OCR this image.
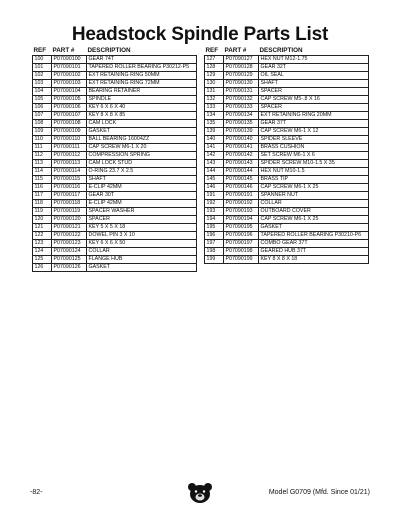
Headstock Spindle Parts List
REF	PART #	DESCRIPTION
100	P07090100	GEAR 74T
101	P07090101	TAPERED ROLLER BEARING P30212-P5
102	P07090102	EXT RETAINING RING 50MM
103	P07090103	EXT RETAINING RING 72MM
104	P07090104	BEARING RETAINER
105	P07090105	SPINDLE
106	P07090106	KEY 6 X 6 X 40
107	P07090107	KEY 8 X 8 X 85
108	P07090108	CAM LOCK
109	P07090109	GASKET
110	P07090110	BALL BEARING 16004ZZ
111	P07090111	CAP SCREW M6-1 X 20
112	P07090112	COMPRESSION SPRING
113	P07090113	CAM LOCK STUD
114	P07090114	O-RING 23.7 X 2.5
115	P07090115	SHAFT
116	P07090116	E-CLIP 42MM
117	P07090117	GEAR 30T
118	P07090118	E-CLIP 42MM
119	P07090119	SPACER WASHER
120	P07090120	SPACER
121	P07090121	KEY 5 X 5 X 18
122	P07090122	DOWEL PIN 3 X 10
123	P07090123	KEY 6 X 6 X 50
124	P07090124	COLLAR
125	P07090125	FLANGE HUB
126	P07090126	GASKET
REF	PART #	DESCRIPTION
127	P07090127	HEX NUT M12-1.75
128	P07090128	GEAR 32T
129	P07090129	OIL SEAL
130	P07090130	SHAFT
131	P07090131	SPACER
132	P07090132	CAP SCREW M5-.8 X 16
133	P07090133	SPACER
134	P07090134	EXT RETAINING RING 20MM
135	P07090135	GEAR 37T
139	P07090139	CAP SCREW M6-1 X 12
140	P07090140	SPIDER SLEEVE
141	P07090141	BRASS CUSHION
142	P07090142	SET SCREW M6-1 X 6
143	P07090143	SPIDER SCREW M10-1.5 X 35
144	P07090144	HEX NUT M10-1.5
145	P07090145	BRASS TIP
146	P07090146	CAP SCREW M6-1 X 25
191	P07090191	SPANNER NUT
192	P07090192	COLLAR
193	P07090193	OUTBOARD COVER
194	P07090194	CAP SCREW M6-1 X 25
195	P07090195	GASKET
196	P07090196	TAPERED ROLLER BEARING P30210-P6
197	P07090197	COMBO GEAR 37T
198	P07090198	GEARED HUB 37T
199	P07090199	KEY 8 X 8 X 18
-82-	Model G0709 (Mfd. Since 01/21)
